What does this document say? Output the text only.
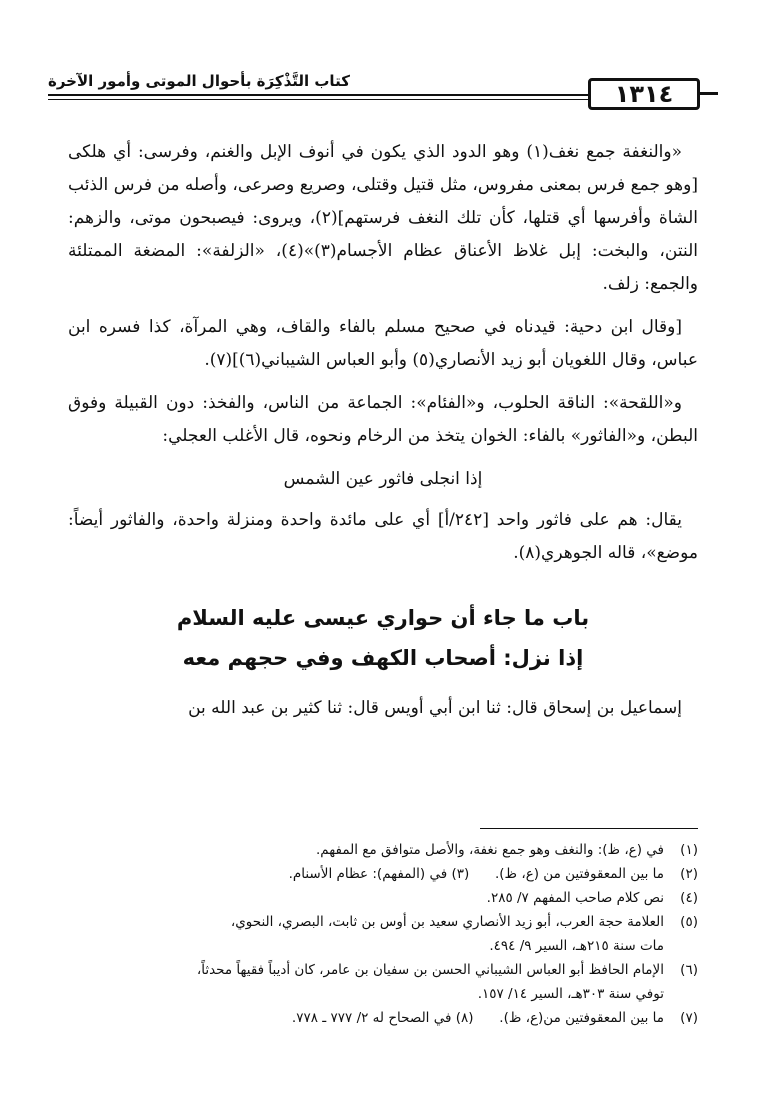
كتاب التَّذْكِرَة بأحوال الموتى وأمور الآخرة	١٣١٤

«والنغفة جمع نغف(١) وهو الدود الذي يكون في أنوف الإبل والغنم، وفرسى: أي هلكى [وهو جمع فرس بمعنى مفروس، مثل قتيل وقتلى، وصريع وصرعى، وأصله من فرس الذئب الشاة وأفرسها أي قتلها، كأن تلك النغف فرستهم](٢)، ويروى: فيصبحون موتى، والزهم: النتن، والبخت: إبل غلاظ الأعناق عظام الأجسام(٣)»(٤)، «الزلفة»: المضغة الممتلئة والجمع: زلف.

[وقال ابن دحية: قيدناه في صحيح مسلم بالفاء والقاف، وهي المرآة، كذا فسره ابن عباس، وقال اللغويان أبو زيد الأنصاري(٥) وأبو العباس الشيباني(٦)](٧).

و«اللقحة»: الناقة الحلوب، و«الفئام»: الجماعة من الناس، والفخذ: دون القبيلة وفوق البطن، و«الفاثور» بالفاء: الخوان يتخذ من الرخام ونحوه، قال الأغلب العجلي:

إذا انجلى فاثور عين الشمس

يقال: هم على فاثور واحد [٢٤٢/أ] أي على مائدة واحدة ومنزلة واحدة، والفاثور أيضاً: موضع»، قاله الجوهري(٨).

باب ما جاء أن حواري عيسى عليه السلام

إذا نزل: أصحاب الكهف وفي حجهم معه

إسماعيل بن إسحاق قال: ثنا ابن أبي أويس قال: ثنا كثير بن عبد الله بن

(١)
في (ع، ظ): والنغف وهو جمع نغفة، والأصل متوافق مع المفهم.
(٢)
ما بين المعقوفتين من (ع، ظ).      (٣) في (المفهم): عظام الأسنام.
(٤)
نص كلام صاحب المفهم ٧/ ٢٨٥.
(٥)
العلامة حجة العرب، أبو زيد الأنصاري سعيد بن أوس بن ثابت، البصري، النحوي،
مات سنة ٢١٥هـ، السير ٩/ ٤٩٤.
(٦)
الإمام الحافظ أبو العباس الشيباني الحسن بن سفيان بن عامر، كان أديباً فقيهاً محدثاً،
توفي سنة ٣٠٣هـ، السير ١٤/ ١٥٧.
(٧)
ما بين المعقوفتين من(ع، ظ).      (٨) في الصحاح له ٢/ ٧٧٧ ـ ٧٧٨.
